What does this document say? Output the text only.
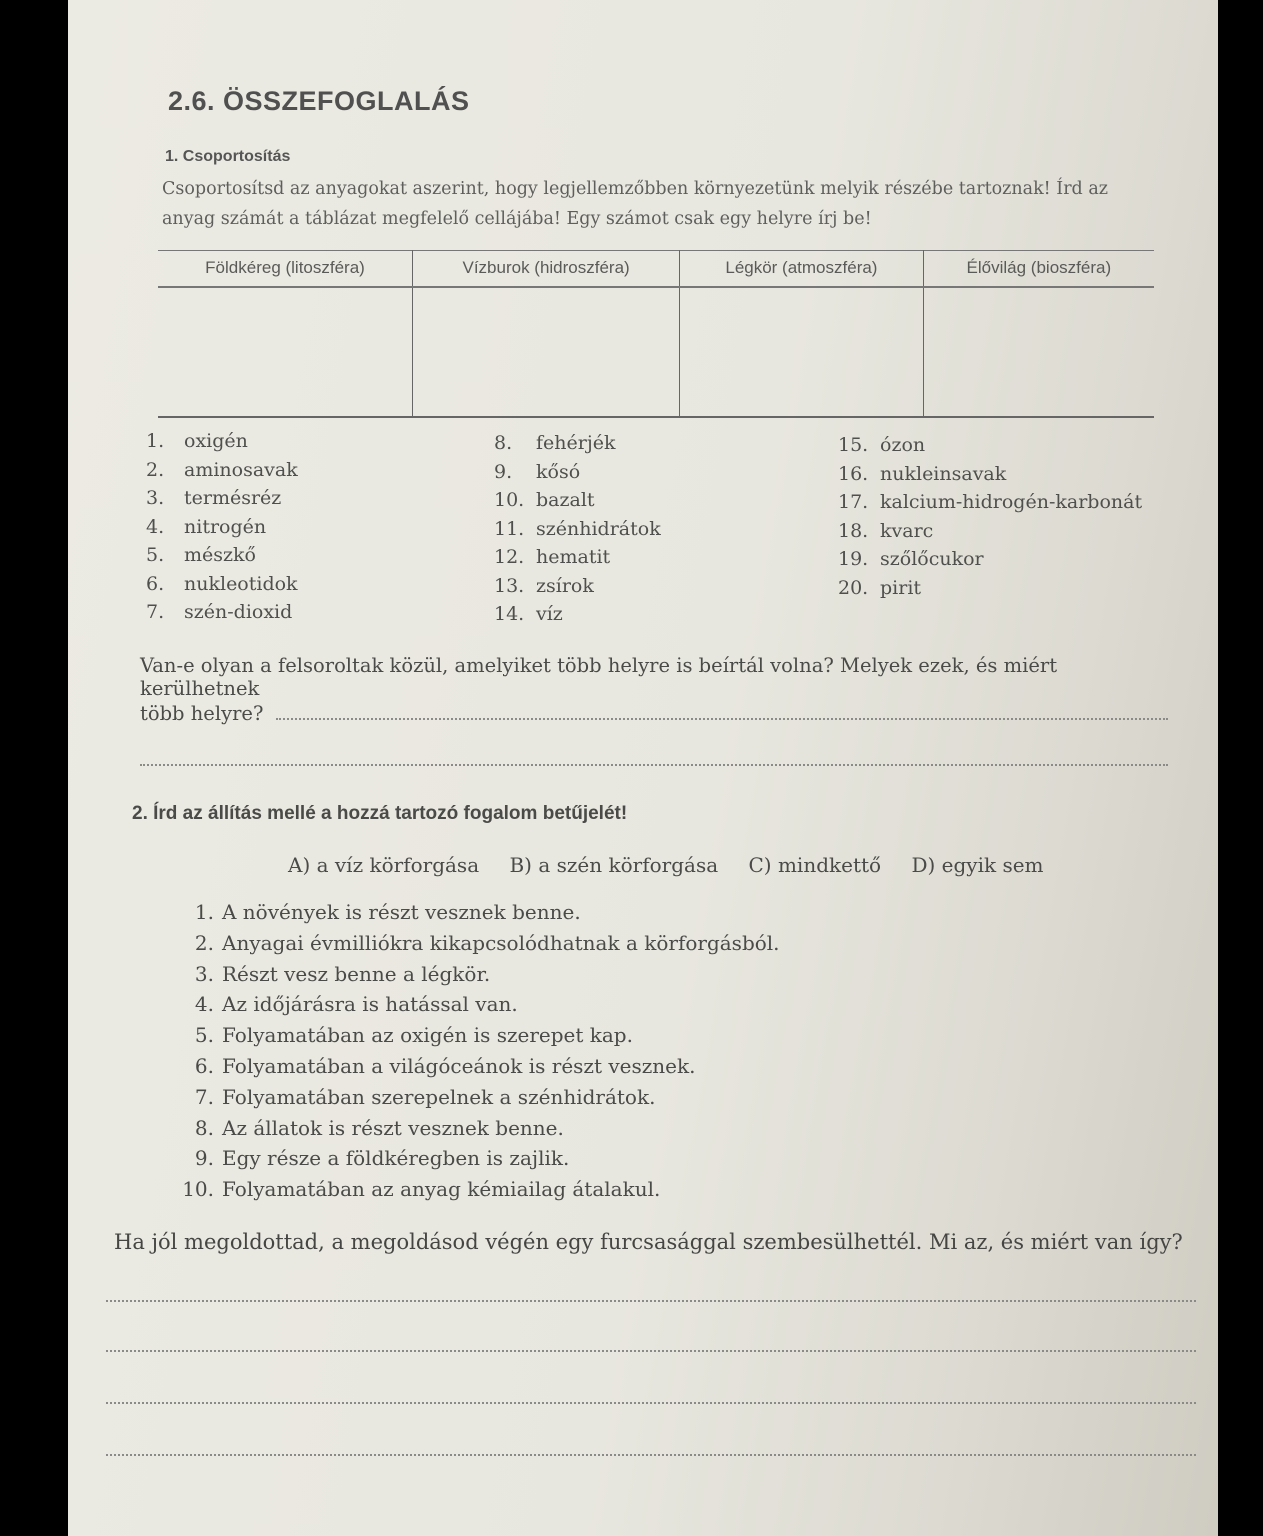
2.6. ÖSSZEFOGLALÁS
1. Csoportosítás
Csoportosítsd az anyagokat aszerint, hogy legjellemzőbben környezetünk melyik részébe tartoznak! Írd az anyag számát a táblázat megfelelő cellájába! Egy számot csak egy helyre írj be!
Földkéreg (litoszféra)	Vízburok (hidroszféra)	Légkör (atmoszféra)	Élővilág (bioszféra)

1. oxigén
2. aminosavak
3. termésréz
4. nitrogén
5. mészkő
6. nukleotidok
7. szén-dioxid
8. fehérjék
9. kősó
10. bazalt
11. szénhidrátok
12. hematit
13. zsírok
14. víz
15. ózon
16. nukleinsavak
17. kalcium-hidrogén-karbonát
18. kvarc
19. szőlőcukor
20. pirit
Van-e olyan a felsoroltak közül, amelyiket több helyre is beírtál volna? Melyek ezek, és miért kerülhetnek
több helyre?
2. Írd az állítás mellé a hozzá tartozó fogalom betűjelét!
A) a víz körforgása B) a szén körforgása C) mindkettő D) egyik sem
1. A növények is részt vesznek benne.
2. Anyagai évmilliókra kikapcsolódhatnak a körforgásból.
3. Részt vesz benne a légkör.
4. Az időjárásra is hatással van.
5. Folyamatában az oxigén is szerepet kap.
6. Folyamatában a világóceánok is részt vesznek.
7. Folyamatában szerepelnek a szénhidrátok.
8. Az állatok is részt vesznek benne.
9. Egy része a földkéregben is zajlik.
10. Folyamatában az anyag kémiailag átalakul.
Ha jól megoldottad, a megoldásod végén egy furcsasággal szembesülhettél. Mi az, és miért van így?
